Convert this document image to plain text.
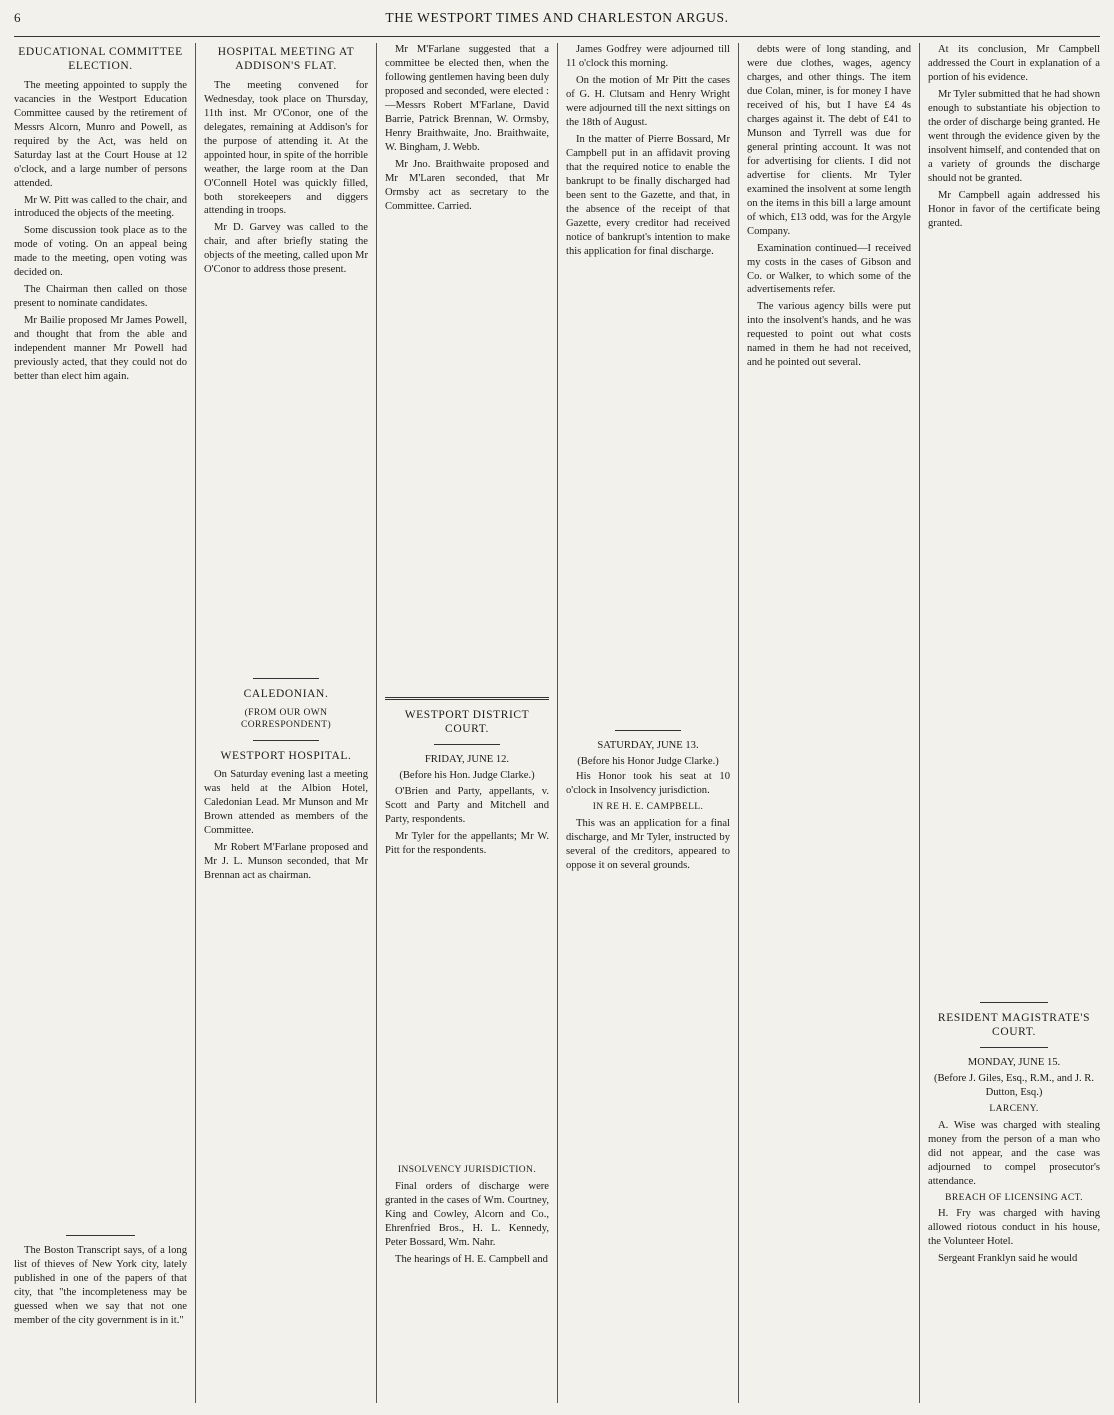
6	THE WESTPORT TIMES AND CHARLESTON ARGUS.
EDUCATIONAL COMMITTEE ELECTION.

The meeting appointed to supply the vacancies in the Westport Education Committee caused by the retirement of Messrs Alcorn, Munro and Powell, as required by the Act, was held on Saturday last at the Court House at 12 o'clock, and a large number of persons attended.

Mr W. Pitt was called to the chair, and introduced the objects of the meeting.

Some discussion took place as to the mode of voting. On an appeal being made to the meeting, open voting was decided on.

The Chairman then called on those present to nominate candidates.

Mr Bailie proposed Mr James Powell, and thought that from the able and independent manner Mr Powell had previously acted, that they could not do better than elect him again.

The Boston Transcript says, of a long list of thieves of New York city, lately published in one of the papers of that city, that "the incompleteness may be guessed when we say that not one member of the city government is in it."

HOSPITAL MEETING AT ADDISON'S FLAT.

The meeting convened for Wednesday, took place on Thursday, 11th inst. Mr O'Conor, one of the delegates, remaining at Addison's for the purpose of attending it. At the appointed hour, in spite of the horrible weather, the large room at the Dan O'Connell Hotel was quickly filled, both storekeepers and diggers attending in troops.

Mr D. Garvey was called to the chair, and after briefly stating the objects of the meeting, called upon Mr O'Conor to address those present.

CALEDONIAN.
(FROM OUR OWN CORRESPONDENT)
WESTPORT HOSPITAL.

On Saturday evening last a meeting was held at the Albion Hotel, Caledonian Lead. Mr Munson and Mr Brown attended as members of the Committee.

Mr Robert M'Farlane proposed and Mr J. L. Munson seconded, that Mr Brennan act as chairman.

Mr M'Farlane suggested that a committee be elected then, when the following gentlemen having been duly proposed and seconded, were elected :—Messrs Robert M'Farlane, David Barrie, Patrick Brennan, W. Ormsby, Henry Braithwaite, Jno. Braithwaite, W. Bingham, J. Webb.

Mr Jno. Braithwaite proposed and Mr M'Laren seconded, that Mr Ormsby act as secretary to the Committee. Carried.

WESTPORT DISTRICT COURT.
FRIDAY, JUNE 12.
(Before his Hon. Judge Clarke.)

O'Brien and Party, appellants, v. Scott and Party and Mitchell and Party, respondents.

Mr Tyler for the appellants; Mr W. Pitt for the respondents.

INSOLVENCY JURISDICTION.

Final orders of discharge were granted in the cases of Wm. Courtney, King and Cowley, Alcorn and Co., Ehrenfried Bros., H. L. Kennedy, Peter Bossard, Wm. Nahr.

The hearings of H. E. Campbell and

James Godfrey were adjourned till 11 o'clock this morning.

On the motion of Mr Pitt the cases of G. H. Clutsam and Henry Wright were adjourned till the next sittings on the 18th of August.

In the matter of Pierre Bossard, Mr Campbell put in an affidavit proving that the required notice to enable the bankrupt to be finally discharged had been sent to the Gazette, and that, in the absence of the receipt of that Gazette, every creditor had received notice of bankrupt's intention to make this application for final discharge.

SATURDAY, JUNE 13.
(Before his Honor Judge Clarke.)

His Honor took his seat at 10 o'clock in Insolvency jurisdiction.

IN RE H. E. CAMPBELL.

This was an application for a final discharge, and Mr Tyler, instructed by several of the creditors, appeared to oppose it on several grounds.

debts were of long standing, and were due clothes, wages, agency charges, and other things. The item due Colan, miner, is for money I have received of his, but I have £4 4s charges against it. The debt of £41 to Munson and Tyrrell was due for general printing account. It was not for advertising for clients. I did not advertise for clients. Mr Tyler examined the insolvent at some length on the items in this bill a large amount of which, £13 odd, was for the Argyle Company.

Examination continued—I received my costs in the cases of Gibson and Co. or Walker, to which some of the advertisements refer.

The various agency bills were put into the insolvent's hands, and he was requested to point out what costs named in them he had not received, and he pointed out several.

At its conclusion, Mr Campbell addressed the Court in explanation of a portion of his evidence.

Mr Tyler submitted that he had shown enough to substantiate his objection to the order of discharge being granted. He went through the evidence given by the insolvent himself, and contended that on a variety of grounds the discharge should not be granted.

Mr Campbell again addressed his Honor in favor of the certificate being granted.

RESIDENT MAGISTRATE'S COURT.
MONDAY, JUNE 15.
(Before J. Giles, Esq., R.M., and J. R. Dutton, Esq.)
LARCENY.

A. Wise was charged with stealing money from the person of a man who did not appear, and the case was adjourned to compel prosecutor's attendance.

BREACH OF LICENSING ACT.

H. Fry was charged with having allowed riotous conduct in his house, the Volunteer Hotel.

Sergeant Franklyn said he would
